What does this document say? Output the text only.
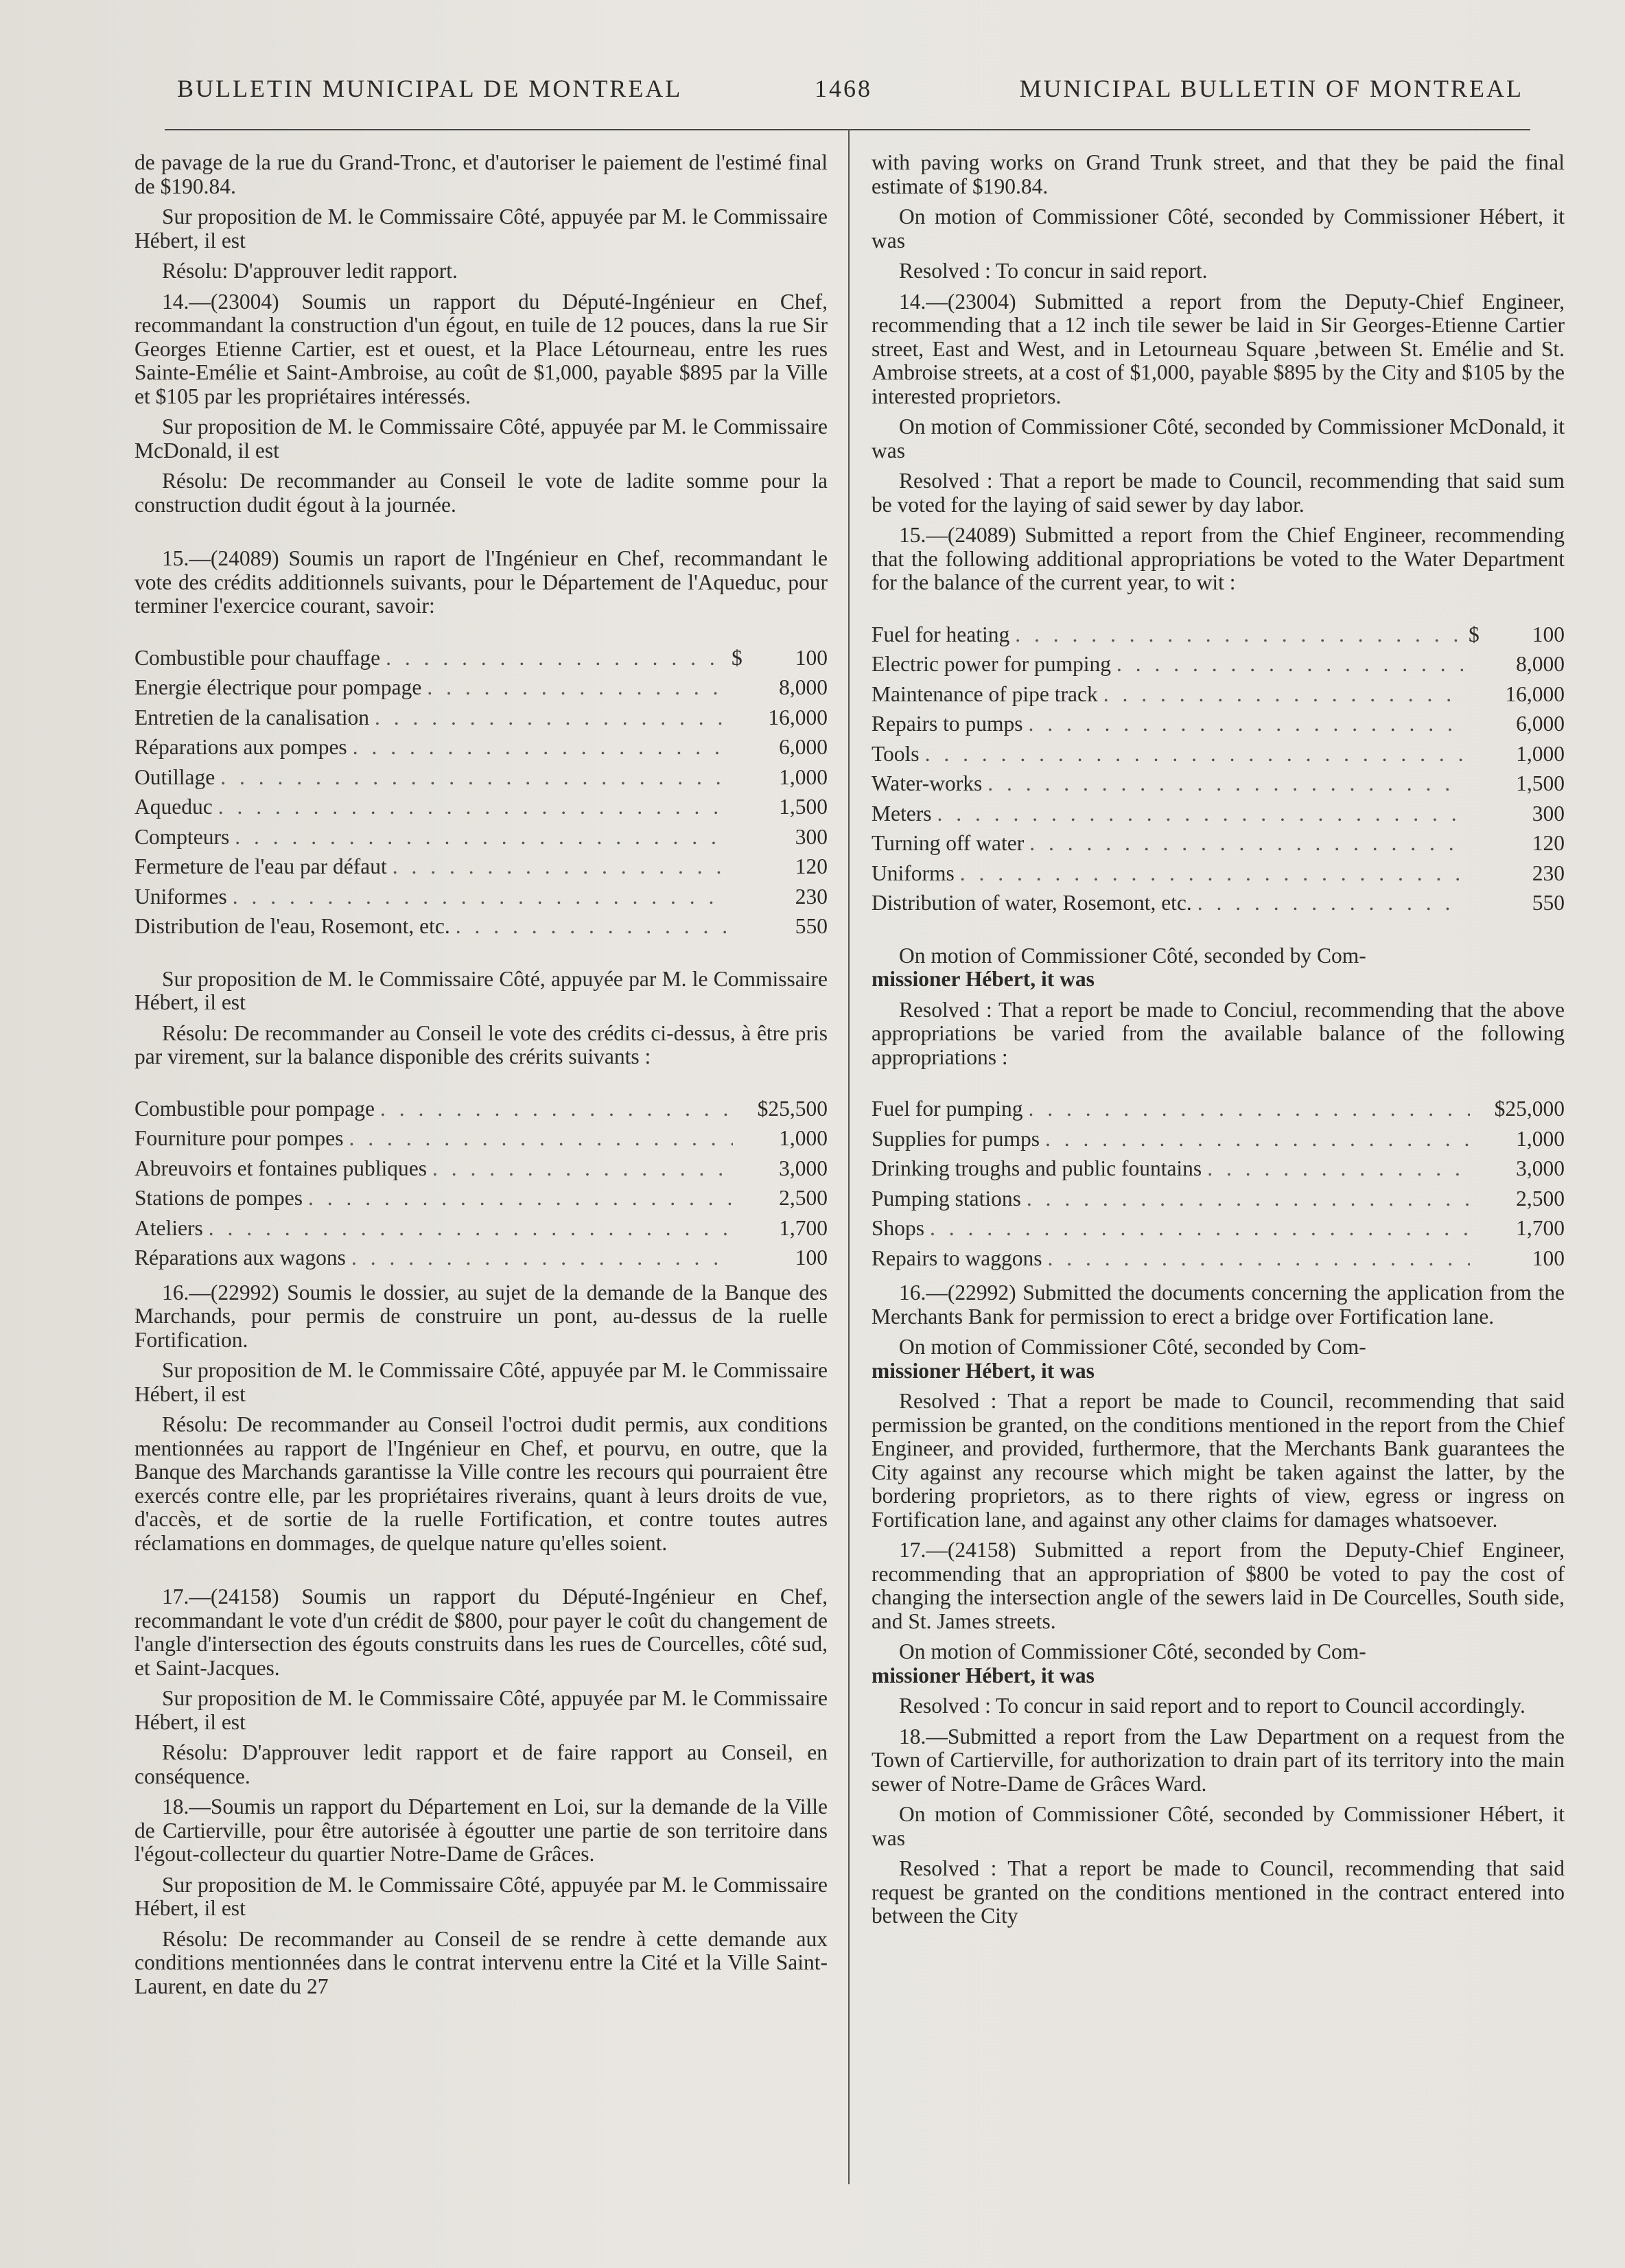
BULLETIN MUNICIPAL DE MONTREAL	1468	MUNICIPAL BULLETIN OF MONTREAL

de pavage de la rue du Grand-Tronc, et d'autoriser le paiement de l'estimé final de $190.84.

Sur proposition de M. le Commissaire Côté, appuyée par M. le Commissaire Hébert, il est

Résolu: D'approuver ledit rapport.

14.—(23004) Soumis un rapport du Député-Ingénieur en Chef, recommandant la construction d'un égout, en tuile de 12 pouces, dans la rue Sir Georges Etienne Cartier, est et ouest, et la Place Létourneau, entre les rues Sainte-Emélie et Saint-Ambroise, au coût de $1,000, payable $895 par la Ville et $105 par les propriétaires intéressés.

Sur proposition de M. le Commissaire Côté, appuyée par M. le Commissaire McDonald, il est

Résolu: De recommander au Conseil le vote de ladite somme pour la construction dudit égout à la journée.

15.—(24089) Soumis un raport de l'Ingénieur en Chef, recommandant le vote des crédits additionnels suivants, pour le Département de l'Aqueduc, pour terminer l'exercice courant, savoir:

Combustible pour chauffage . . .	$	100
Energie électrique pour pompage . . .	8,000
Entretien de la canalisation . . .	16,000
Réparations aux pompes . . .	6,000
Outillage . . .	1,000
Aqueduc . . .	1,500
Compteurs . . .	300
Fermeture de l'eau par défaut . . .	120
Uniformes . . .	230
Distribution de l'eau, Rosemont, etc. . . .	550

Sur proposition de M. le Commissaire Côté, appuyée par M. le Commissaire Hébert, il est

Résolu: De recommander au Conseil le vote des crédits ci-dessus, à être pris par virement, sur la balance disponible des crérits suivants :

Combustible pour pompage . . .	$25,500
Fourniture pour pompes . . .	1,000
Abreuvoirs et fontaines publiques . . .	3,000
Stations de pompes . . .	2,500
Ateliers . . .	1,700
Réparations aux wagons . . .	100

16.—(22992) Soumis le dossier, au sujet de la demande de la Banque des Marchands, pour permis de construire un pont, au-dessus de la ruelle Fortification.

Sur proposition de M. le Commissaire Côté, appuyée par M. le Commissaire Hébert, il est

Résolu: De recommander au Conseil l'octroi dudit permis, aux conditions mentionnées au rapport de l'Ingénieur en Chef, et pourvu, en outre, que la Banque des Marchands garantisse la Ville contre les recours qui pourraient être exercés contre elle, par les propriétaires riverains, quant à leurs droits de vue, d'accès, et de sortie de la ruelle Fortification, et contre toutes autres réclamations en dommages, de quelque nature qu'elles soient.

17.—(24158) Soumis un rapport du Député-Ingénieur en Chef, recommandant le vote d'un crédit de $800, pour payer le coût du changement de l'angle d'intersection des égouts construits dans les rues de Courcelles, côté sud, et Saint-Jacques.

Sur proposition de M. le Commissaire Côté, appuyée par M. le Commissaire Hébert, il est

Résolu: D'approuver ledit rapport et de faire rapport au Conseil, en conséquence.

18.—Soumis un rapport du Département en Loi, sur la demande de la Ville de Cartierville, pour être autorisée à égoutter une partie de son territoire dans l'égout-collecteur du quartier Notre-Dame de Grâces.

Sur proposition de M. le Commissaire Côté, appuyée par M. le Commissaire Hébert, il est

Résolu: De recommander au Conseil de se rendre à cette demande aux conditions mentionnées dans le contrat intervenu entre la Cité et la Ville Saint-Laurent, en date du 27

with paving works on Grand Trunk street, and that they be paid the final estimate of $190.84.

On motion of Commissioner Côté, seconded by Commissioner Hébert, it was

Resolved : To concur in said report.

14.—(23004) Submitted a report from the Deputy-Chief Engineer, recommending that a 12 inch tile sewer be laid in Sir Georges-Etienne Cartier street, East and West, and in Letourneau Square ,between St. Emélie and St. Ambroise streets, at a cost of $1,000, payable $895 by the City and $105 by the interested proprietors.

On motion of Commissioner Côté, seconded by Commissioner McDonald, it was

Resolved : That a report be made to Council, recommending that said sum be voted for the laying of said sewer by day labor.

15.—(24089) Submitted a report from the Chief Engineer, recommending that the following additional appropriations be voted to the Water Department for the balance of the current year, to wit :

Fuel for heating . . .	$	100
Electric power for pumping . . .	8,000
Maintenance of pipe track . . .	16,000
Repairs to pumps . . .	6,000
Tools . . .	1,000
Water-works . . .	1,500
Meters . . .	300
Turning off water . . .	120
Uniforms . . .	230
Distribution of water, Rosemont, etc. . . .	550

On motion of Commissioner Côté, seconded by Com-

missioner Hébert, it was

Resolved : That a report be made to Conciul, recommending that the above appropriations be varied from the available balance of the following appropriations :

Fuel for pumping . . .	$25,000
Supplies for pumps . . .	1,000
Drinking troughs and public fountains . . .	3,000
Pumping stations . . .	2,500
Shops . . .	1,700
Repairs to waggons . . .	100

16.—(22992) Submitted the documents concerning the application from the Merchants Bank for permission to erect a bridge over Fortification lane.

On motion of Commissioner Côté, seconded by Com-

missioner Hébert, it was

Resolved : That a report be made to Council, recommending that said permission be granted, on the conditions mentioned in the report from the Chief Engineer, and provided, furthermore, that the Merchants Bank guarantees the City against any recourse which might be taken against the latter, by the bordering proprietors, as to there rights of view, egress or ingress on Fortification lane, and against any other claims for damages whatsoever.

17.—(24158) Submitted a report from the Deputy-Chief Engineer, recommending that an appropriation of $800 be voted to pay the cost of changing the intersection angle of the sewers laid in De Courcelles, South side, and St. James streets.

On motion of Commissioner Côté, seconded by Com-

missioner Hébert, it was

Resolved : To concur in said report and to report to Council accordingly.

18.—Submitted a report from the Law Department on a request from the Town of Cartierville, for authorization to drain part of its territory into the main sewer of Notre-Dame de Grâces Ward.

On motion of Commissioner Côté, seconded by Commissioner Hébert, it was

Resolved : That a report be made to Council, recommending that said request be granted on the conditions mentioned in the contract entered into between the City
